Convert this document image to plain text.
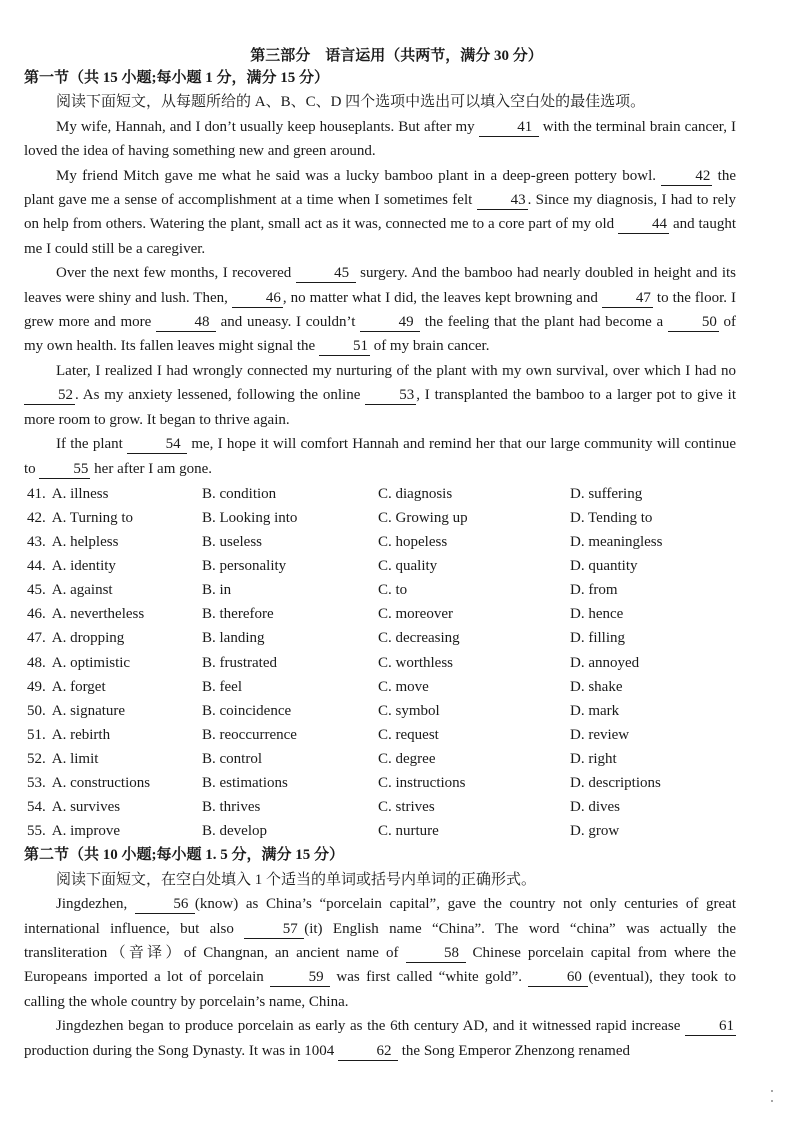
第三部分　语言运用（共两节，满分 30 分）
第一节（共 15 小题;每小题 1 分，满分 15 分）

阅读下面短文，从每题所给的 A、B、C、D 四个选项中选出可以填入空白处的最佳选项。

My wife, Hannah, and I don’t usually keep houseplants. But after my	41 with the terminal brain cancer, I loved the idea of having something new and green around.

My friend Mitch gave me what he said was a lucky bamboo plant in a deep-green pottery bowl. 42 the plant gave me a sense of accomplishment at a time when I sometimes felt 43 . Since my diagnosis, I had to rely on help from others. Watering the plant, small act as it was, connected me to a core part of my old 44 and taught me I could still be a caregiver.

Over the next few months, I recovered	45 surgery. And the bamboo had nearly doubled in height and its leaves were shiny and lush. Then, 46 , no matter what I did, the leaves kept browning and 47 to the floor. I grew more and more	48 and uneasy. I couldn’t	49 the feeling that the plant had become a 50 of my own health. Its fallen leaves might signal the 51 of my brain cancer.

Later, I realized I had wrongly connected my nurturing of the plant with my own survival, over which I had no 52 . As my anxiety lessened, following the online 53 , I transplanted the bamboo to a larger pot to give it more room to grow. It began to thrive again.

If the plant	54 me, I hope it will comfort Hannah and remind her that our large community will continue to 55 her after I am gone.

41. A. illness	B. condition	C. diagnosis	D. suffering
42. A. Turning to	B. Looking into	C. Growing up	D. Tending to
43. A. helpless	B. useless	C. hopeless	D. meaningless
44. A. identity	B. personality	C. quality	D. quantity
45. A. against	B. in	C. to	D. from
46. A. nevertheless	B. therefore	C. moreover	D. hence
47. A. dropping	B. landing	C. decreasing	D. filling
48. A. optimistic	B. frustrated	C. worthless	D. annoyed
49. A. forget	B. feel	C. move	D. shake
50. A. signature	B. coincidence	C. symbol	D. mark
51. A. rebirth	B. reoccurrence	C. request	D. review
52. A. limit	B. control	C. degree	D. right
53. A. constructions	B. estimations	C. instructions	D. descriptions
54. A. survives	B. thrives	C. strives	D. dives
55. A. improve	B. develop	C. nurture	D. grow
第二节（共 10 小题;每小题 1. 5 分，满分 15 分）

阅读下面短文，在空白处填入 1 个适当的单词或括号内单词的正确形式。

Jingdezhen,	56 (know) as China’s “porcelain capital”, gave the country not only centuries of great international influence, but also	57 (it) English name “China”. The word “china” was actually the transliteration（音译）of Changnan, an ancient name of	58 Chinese porcelain capital from where the Europeans imported a lot of porcelain	59 was first called “white gold”.	60 (eventual), they took to calling the whole country by porcelain’s name, China.

Jingdezhen began to produce porcelain as early as the 6th century AD, and it witnessed rapid increase 61 production during the Song Dynasty. It was in 1004	62 the Song Emperor Zhenzong renamed
